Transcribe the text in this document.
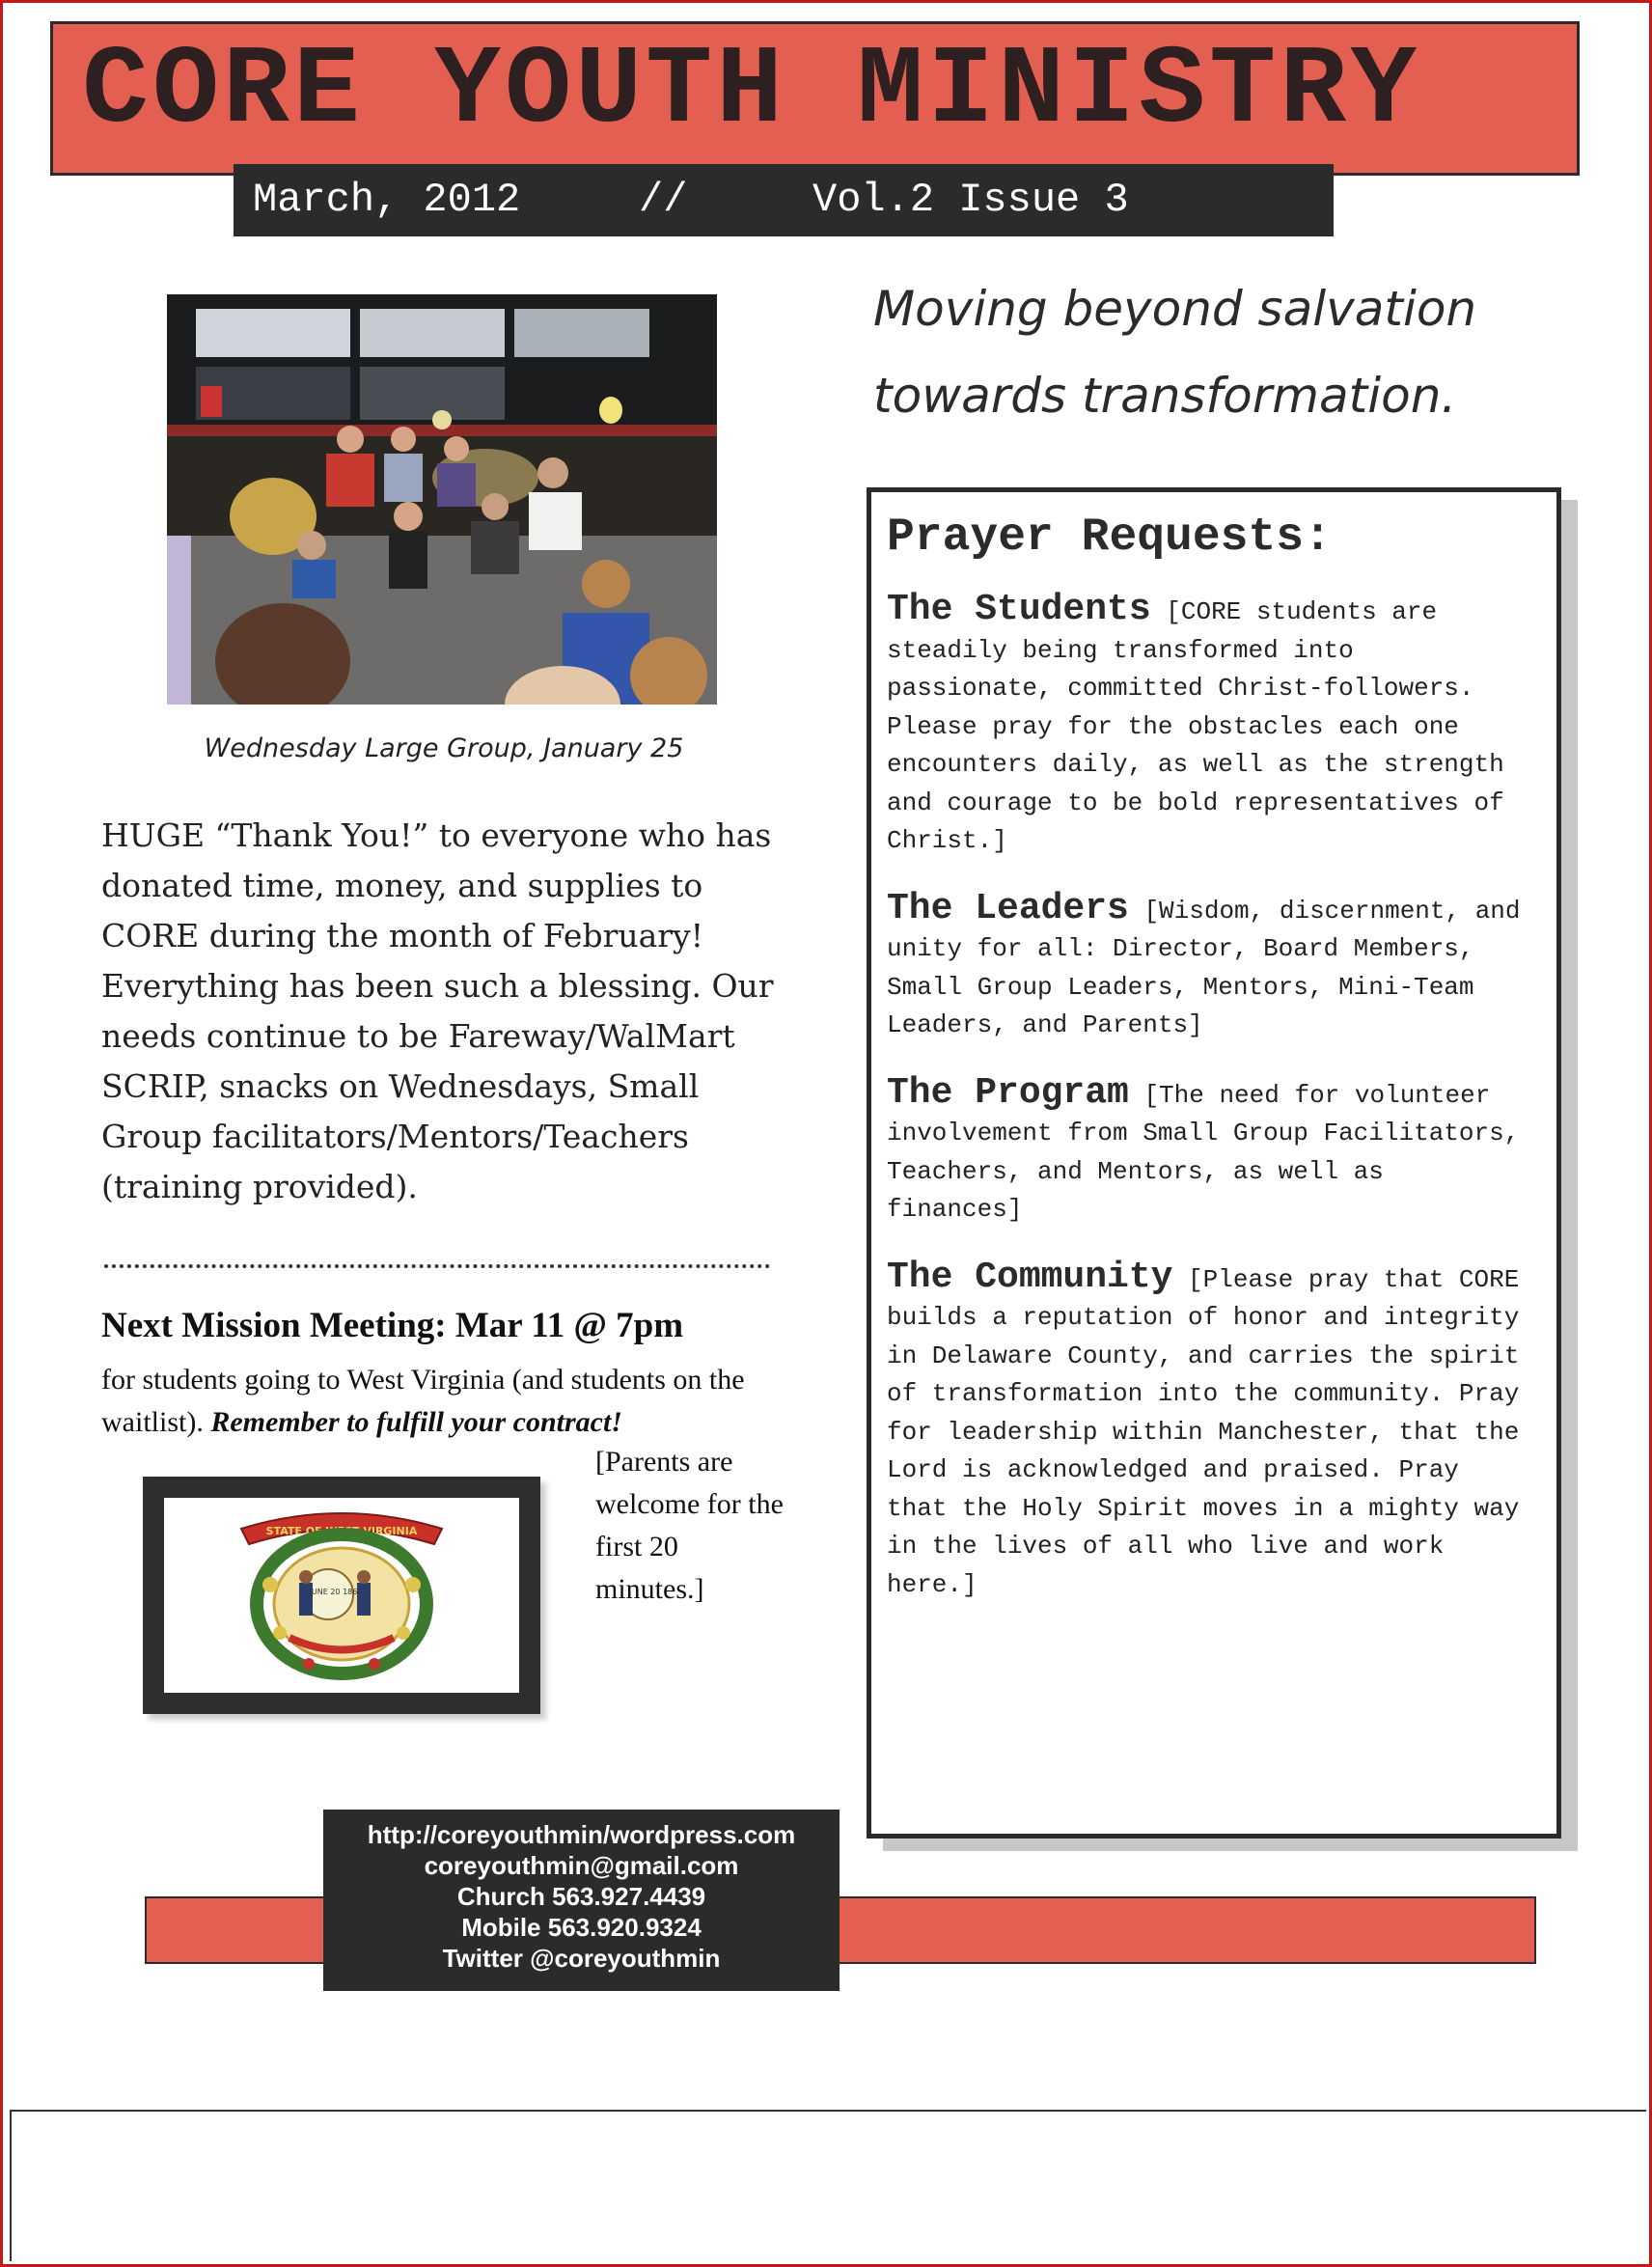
CORE YOUTH MINISTRY
March, 2012	//	Vol.2 Issue 3
Wednesday Large Group, January 25
HUGE “Thank You!” to everyone who has donated time, money, and supplies to CORE during the month of February! Everything has been such a blessing. Our needs continue to be Fareway/WalMart SCRIP, snacks on Wednesdays, Small Group facilitators/Mentors/Teachers (training provided).
Next Mission Meeting: Mar 11 @ 7pm
for students going to West Virginia (and students on the waitlist). Remember to fulfill your contract!
[Parents are welcome for the first 20 minutes.]
STATE OF WEST VIRGINIA
JUNE 20 1863
Moving beyond salvation
towards transformation.
Prayer Requests:
The Students [CORE students are steadily being transformed into passionate, committed Christ-followers. Please pray for the obstacles each one encounters daily, as well as the strength and courage to be bold representatives of Christ.]
The Leaders [Wisdom, discernment, and unity for all: Director, Board Members, Small Group Leaders, Mentors, Mini-Team Leaders, and Parents]
The Program [The need for volunteer involvement from Small Group Facilitators, Teachers, and Mentors, as well as finances]
The Community [Please pray that CORE builds a reputation of honor and integrity in Delaware County, and carries the spirit of transformation into the community. Pray for leadership within Manchester, that the Lord is acknowledged and praised. Pray that the Holy Spirit moves in a mighty way in the lives of all who live and work here.]
http://coreyouthmin/wordpress.com
coreyouthmin@gmail.com
Church 563.927.4439
Mobile 563.920.9324
Twitter @coreyouthmin
